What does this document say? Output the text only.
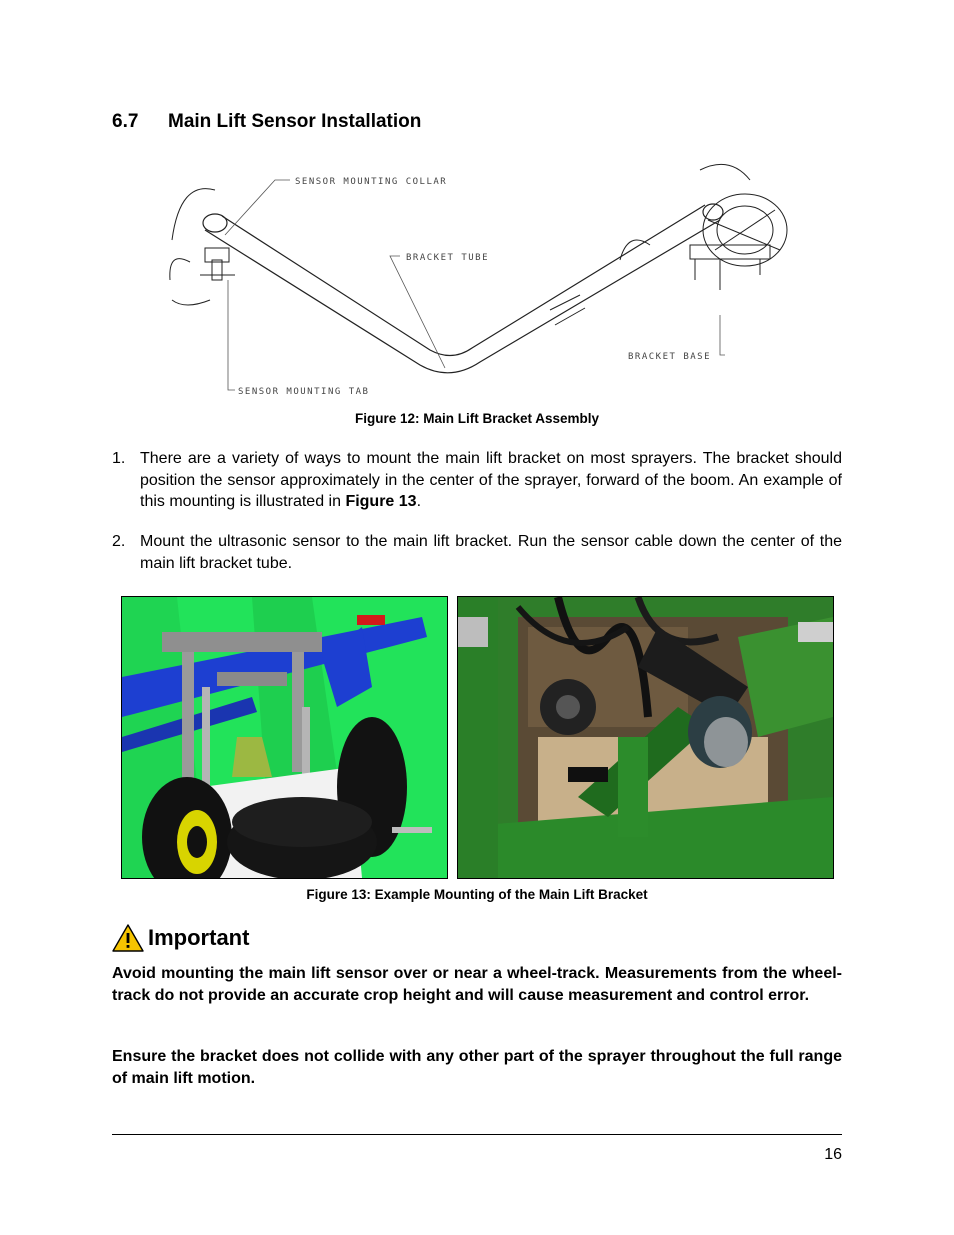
6.7 Main Lift Sensor Installation
SENSOR MOUNTING COLLAR
BRACKET TUBE
BRACKET BASE
SENSOR MOUNTING TAB
Figure 12: Main Lift Bracket Assembly
1. There are a variety of ways to mount the main lift bracket on most sprayers. The bracket should position the sensor approximately in the center of the sprayer, forward of the boom. An example of this mounting is illustrated in Figure 13.
2. Mount the ultrasonic sensor to the main lift bracket. Run the sensor cable down the center of the main lift bracket tube.
Figure 13: Example Mounting of the Main Lift Bracket
Important
Avoid mounting the main lift sensor over or near a wheel-track. Measurements from the wheel-track do not provide an accurate crop height and will cause measurement and control error.
Ensure the bracket does not collide with any other part of the sprayer throughout the full range of main lift motion.
16
